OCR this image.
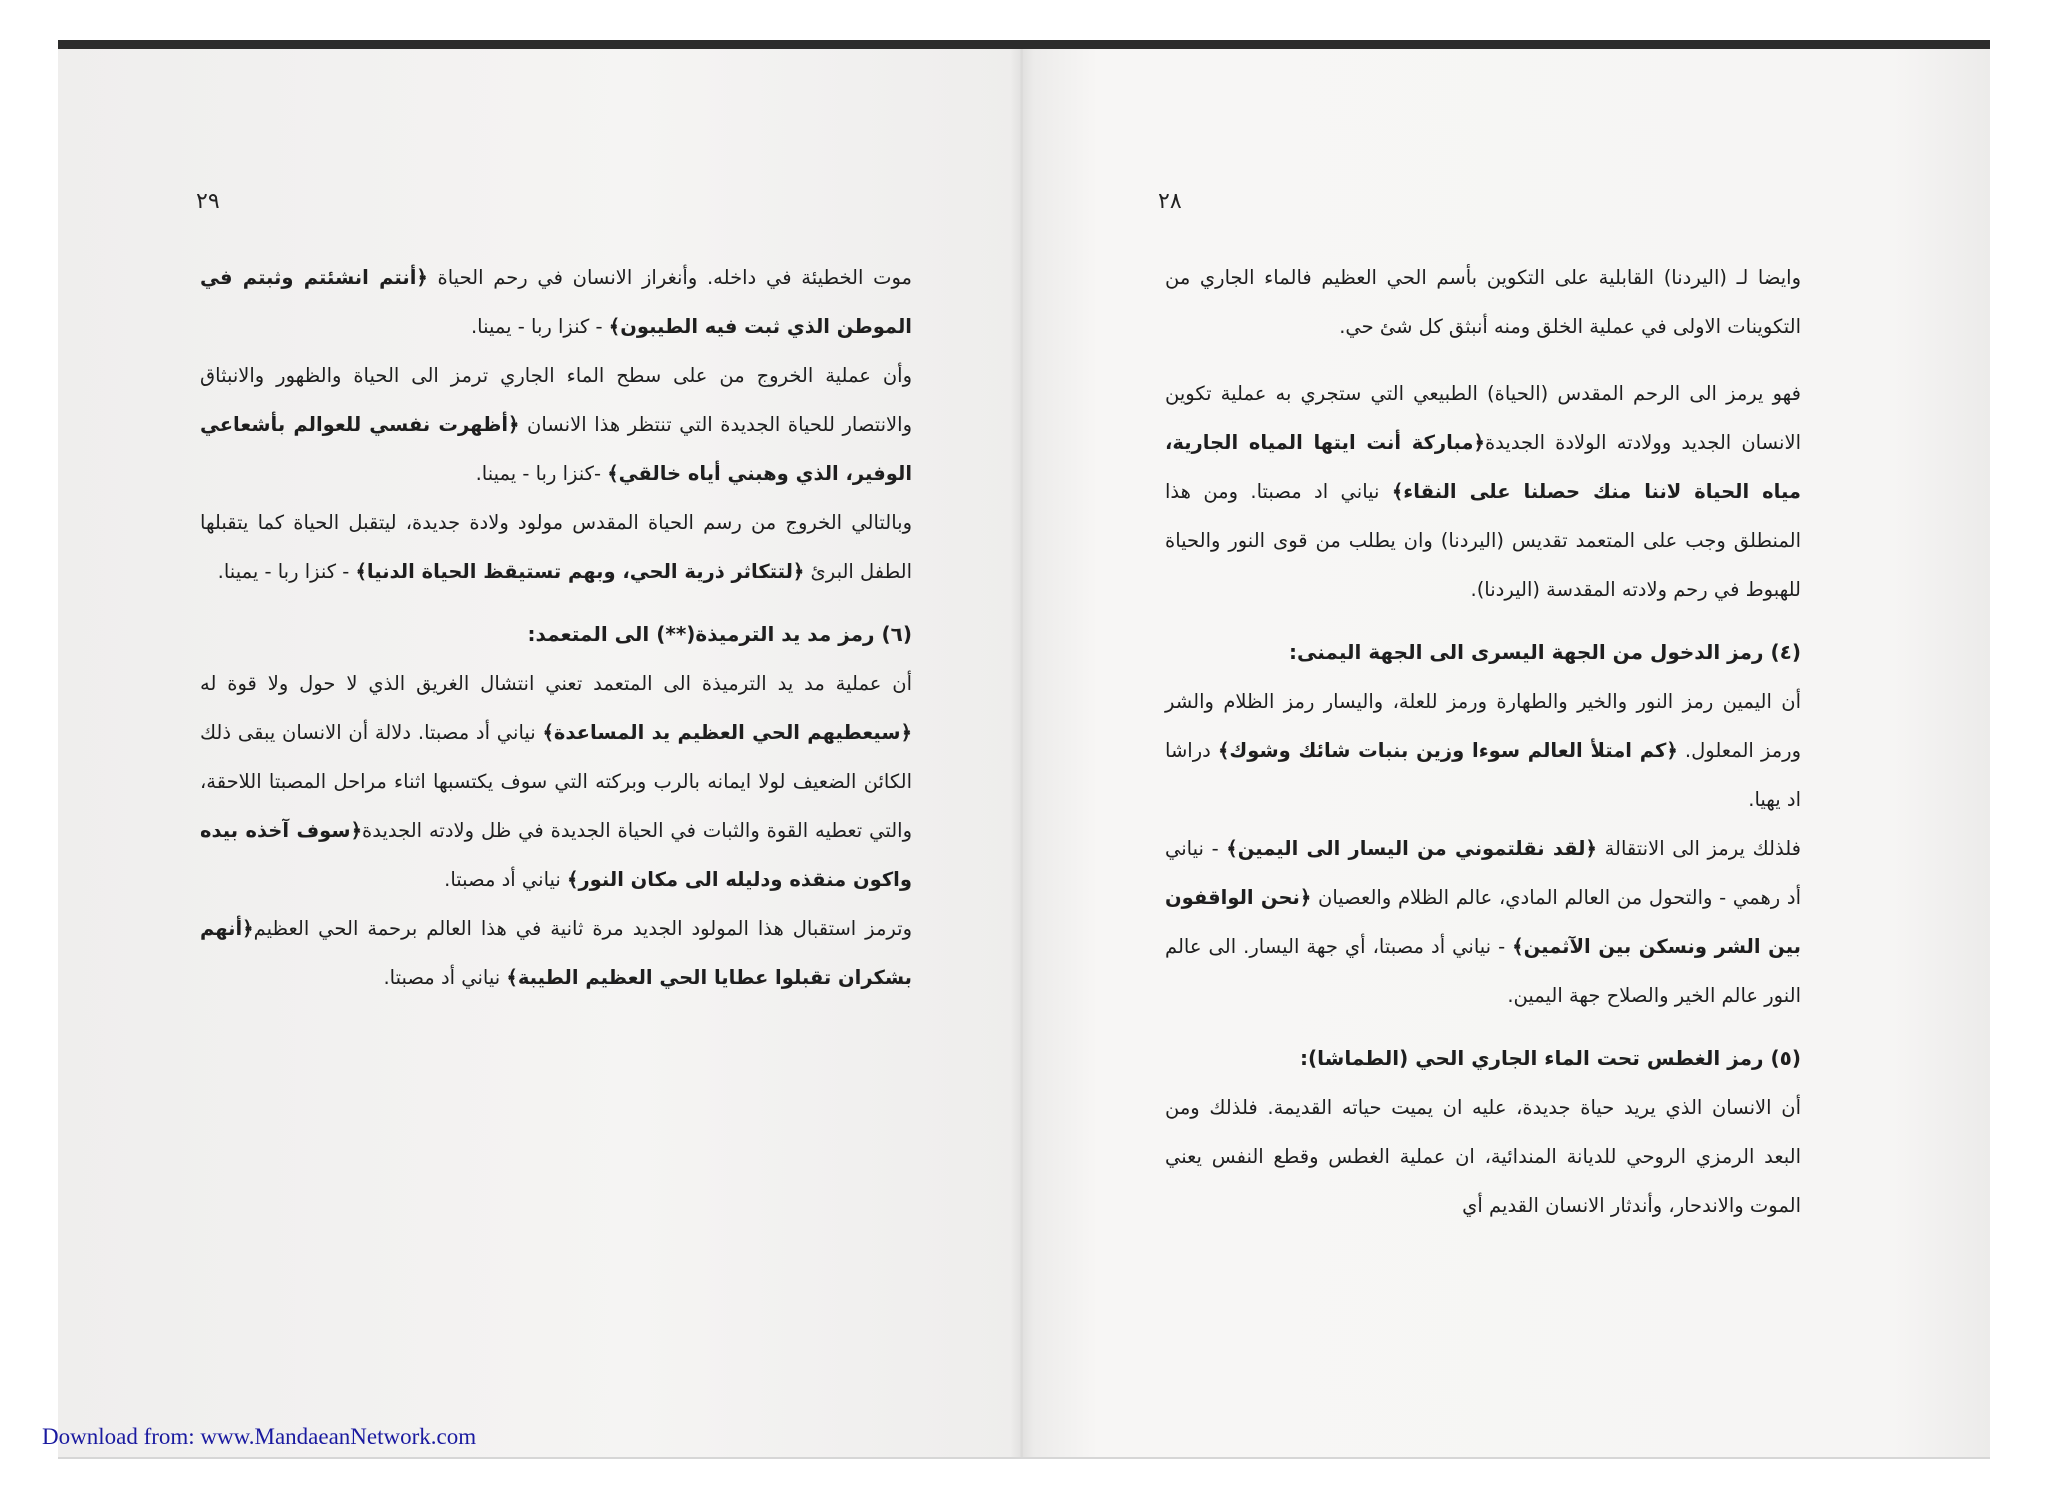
٢٩

موت الخطيئة في داخله. وأنغراز الانسان في رحم الحياة ﴿أنتم انشئتم وثبتم في الموطن الذي ثبت فيه الطيبون﴾ - كنزا ربا - يمينا.

وأن عملية الخروج من على سطح الماء الجاري ترمز الى الحياة والظهور والانبثاق والانتصار للحياة الجديدة التي تنتظر هذا الانسان ﴿أظهرت نفسي للعوالم بأشعاعي الوفير، الذي وهبني أياه خالقي﴾ -كنزا ربا - يمينا.

وبالتالي الخروج من رسم الحياة المقدس مولود ولادة جديدة، ليتقبل الحياة كما يتقبلها الطفل البرئ ﴿لتتكاثر ذرية الحي، وبهم تستيقظ الحياة الدنيا﴾ - كنزا ربا - يمينا.

(٦) رمز مد يد الترميذة(**) الى المتعمد:

أن عملية مد يد الترميذة الى المتعمد تعني انتشال الغريق الذي لا حول ولا قوة له ﴿سيعطيهم الحي العظيم يد المساعدة﴾ نياني أد مصبتا. دلالة أن الانسان يبقى ذلك الكائن الضعيف لولا ايمانه بالرب وبركته التي سوف يكتسبها اثناء مراحل المصبتا اللاحقة، والتي تعطيه القوة والثبات في الحياة الجديدة في ظل ولادته الجديدة﴿سوف آخذه بيده واكون منقذه ودليله الى مكان النور﴾ نياني أد مصبتا.

وترمز استقبال هذا المولود الجديد مرة ثانية في هذا العالم برحمة الحي العظيم﴿أنهم بشكران تقبلوا عطايا الحي العظيم الطيبة﴾ نياني أد مصبتا.

٢٨

وايضا لـ (اليردنا) القابلية على التكوين بأسم الحي العظيم فالماء الجاري من التكوينات الاولى في عملية الخلق ومنه أنبثق كل شئ حي.

فهو يرمز الى الرحم المقدس (الحياة) الطبيعي التي ستجري به عملية تكوين الانسان الجديد وولادته الولادة الجديدة﴿مباركة أنت ايتها المياه الجارية، مياه الحياة لاننا منك حصلنا على النقاء﴾ نياني اد مصبتا. ومن هذا المنطلق وجب على المتعمد تقديس (اليردنا) وان يطلب من قوى النور والحياة للهبوط في رحم ولادته المقدسة (اليردنا).

(٤) رمز الدخول من الجهة اليسرى الى الجهة اليمنى:

أن اليمين رمز النور والخير والطهارة ورمز للعلة، واليسار رمز الظلام والشر ورمز المعلول. ﴿كم امتلأ العالم سوءا وزين بنبات شائك وشوك﴾ دراشا اد يهيا.

فلذلك يرمز الى الانتقالة ﴿لقد نقلتموني من اليسار الى اليمين﴾ - نياني أد رهمي - والتحول من العالم المادي، عالم الظلام والعصيان ﴿نحن الواقفون بين الشر ونسكن بين الآثمين﴾ - نياني أد مصبتا، أي جهة اليسار. الى عالم النور عالم الخير والصلاح جهة اليمين.

(٥) رمز الغطس تحت الماء الجاري الحي (الطماشا):

أن الانسان الذي يريد حياة جديدة، عليه ان يميت حياته القديمة. فلذلك ومن البعد الرمزي الروحي للديانة المندائية، ان عملية الغطس وقطع النفس يعني الموت والاندحار، وأندثار الانسان القديم أي

Download from: www.MandaeanNetwork.com
